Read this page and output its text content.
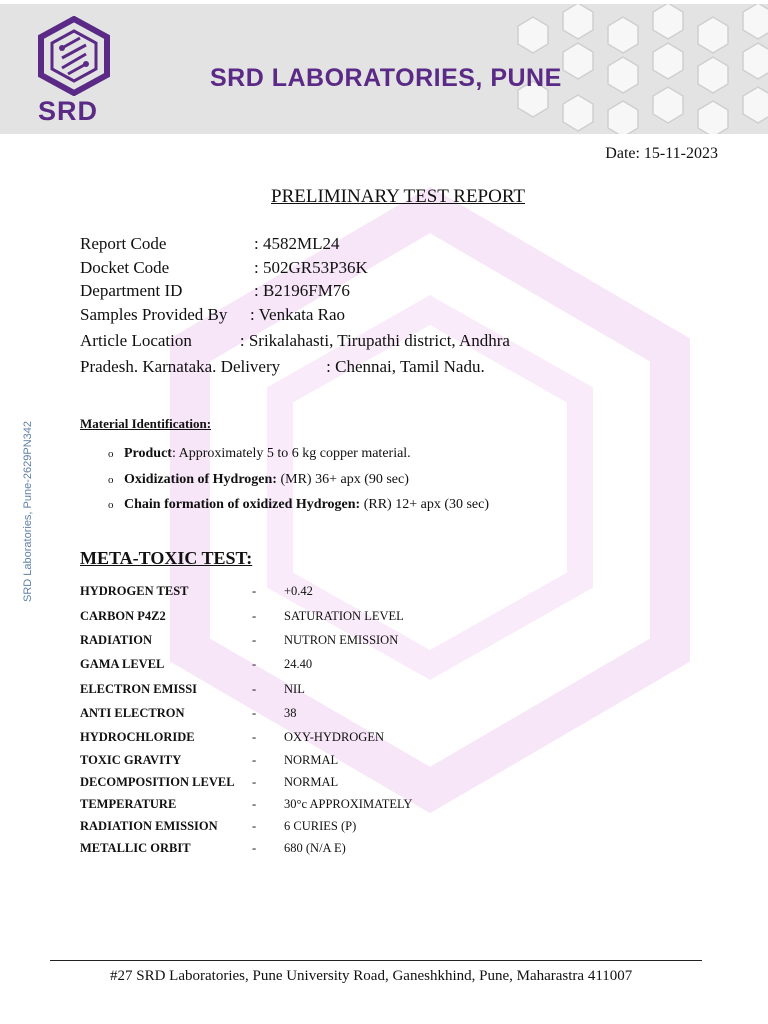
SRD
SRD LABORATORIES, PUNE
SRD Laboratories, Pune-2629PN342
Date: 15-11-2023
PRELIMINARY TEST REPORT
Report Code	: 4582ML24
Docket Code	: 502GR53P36K
Department ID	: B2196FM76
Samples Provided By : Venkata Rao
Article Location	: Srikalahasti, Tirupathi district, Andhra
Pradesh. Karnataka. Delivery	: Chennai, Tamil Nadu.
Material Identification:
o Product: Approximately 5 to 6 kg copper material.
o Oxidization of Hydrogen: (MR) 36+ apx (90 sec)
o Chain formation of oxidized Hydrogen: (RR) 12+ apx (30 sec)
META-TOXIC TEST:
HYDROGEN TEST	- +0.42
CARBON P4Z2	- SATURATION LEVEL
RADIATION	- NUTRON EMISSION
GAMA LEVEL	- 24.40
ELECTRON EMISSI	- NIL
ANTI ELECTRON	- 38
HYDROCHLORIDE	- OXY-HYDROGEN
TOXIC GRAVITY	- NORMAL
DECOMPOSITION LEVEL - NORMAL
TEMPERATURE	- 30°c APPROXIMATELY
RADIATION EMISSION	- 6 CURIES (P)
METALLIC ORBIT	- 680 (N/A E)
#27 SRD Laboratories, Pune University Road, Ganeshkhind, Pune, Maharastra 411007
